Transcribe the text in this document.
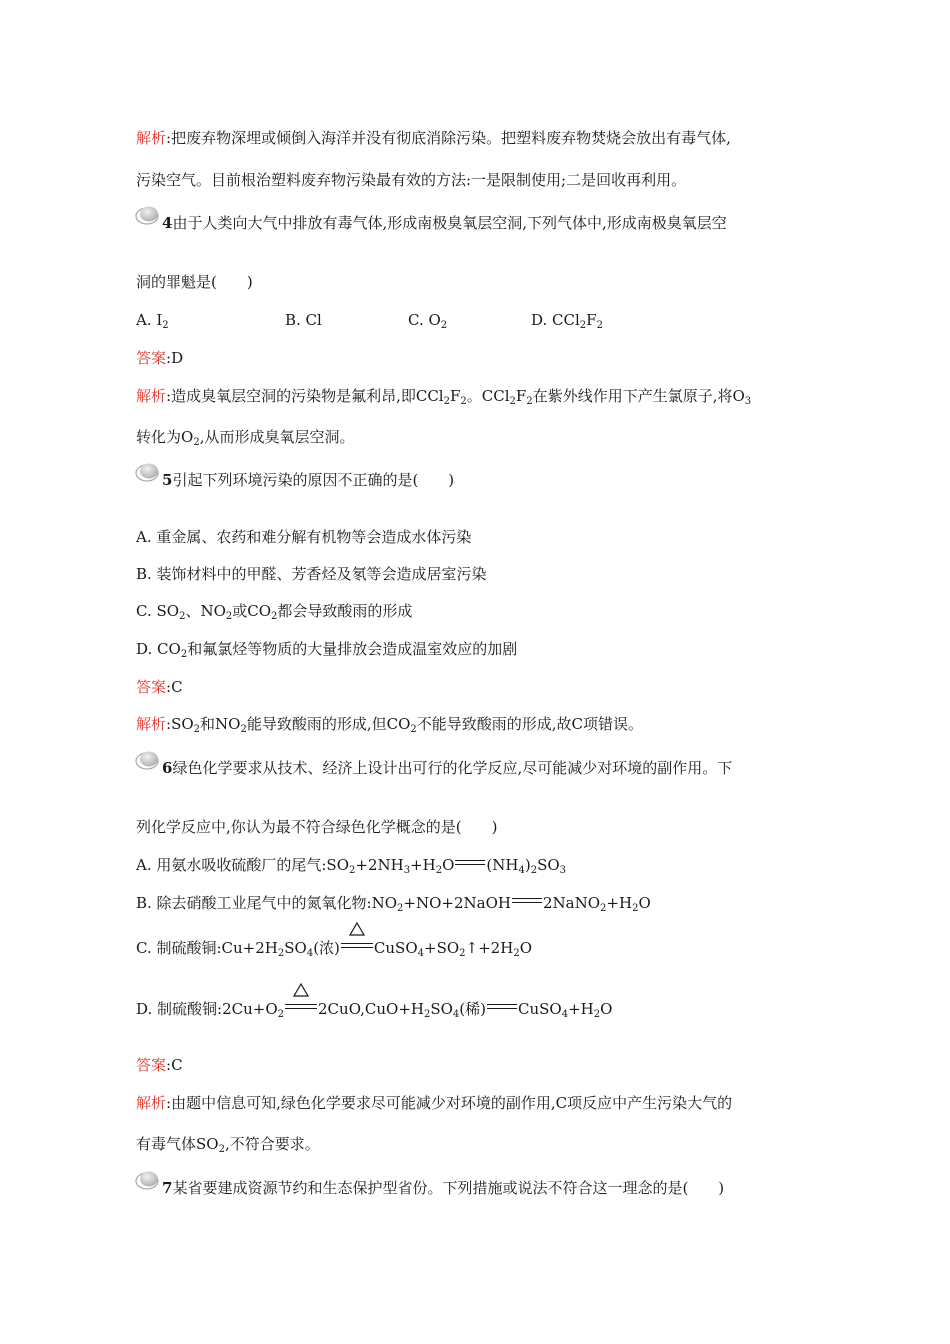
解析:把废弃物深埋或倾倒入海洋并没有彻底消除污染。把塑料废弃物焚烧会放出有毒气体,
污染空气。目前根治塑料废弃物污染最有效的方法:一是限制使用;二是回收再利用。
4由于人类向大气中排放有毒气体,形成南极臭氧层空洞,下列气体中,形成南极臭氧层空
洞的罪魁是(　　)
A. $I_2$	B. Cl	C. $O_2$	D. $CCl_2F_2$
答案:D
解析:造成臭氧层空洞的污染物是氟利昂,即$CCl_2F_2$。$CCl_2F_2$在紫外线作用下产生氯原子,将$O_3$
转化为$O_2$,从而形成臭氧层空洞。
5引起下列环境污染的原因不正确的是(　　)
A. 重金属、农药和难分解有机物等会造成水体污染
B. 装饰材料中的甲醛、芳香烃及氡等会造成居室污染
C. $SO_2$、$NO_2$或$CO_2$都会导致酸雨的形成
D. $CO_2$和氟氯烃等物质的大量排放会造成温室效应的加剧
答案:C
解析$:SO_2$和$NO_2$能导致酸雨的形成,但$CO_2$不能导致酸雨的形成,故C项错误。
6绿色化学要求从技术、经济上设计出可行的化学反应,尽可能减少对环境的副作用。下
列化学反应中,你认为最不符合绿色化学概念的是(　　)
A. 用氨水吸收硫酸厂的尾气$:SO_2+2NH_3+H_2O$ $(NH_4)_2SO_3$
B. 除去硝酸工业尾气中的氮氧化物$:NO_2+NO+2NaOH$ $2NaNO_2+H_2O$
C. 制硫酸铜$:Cu+2H_2SO_4$(浓) $CuSO_4+SO_2↑+2H_2O$
D. 制硫酸铜$:2Cu+O_2$ $2CuO,CuO+H_2SO_4$(稀) $CuSO_4+H_2O$
答案:C
解析:由题中信息可知,绿色化学要求尽可能减少对环境的副作用,C项反应中产生污染大气的
有毒气体$SO_2$,不符合要求。
7某省要建成资源节约和生态保护型省份。下列措施或说法不符合这一理念的是(　　)
